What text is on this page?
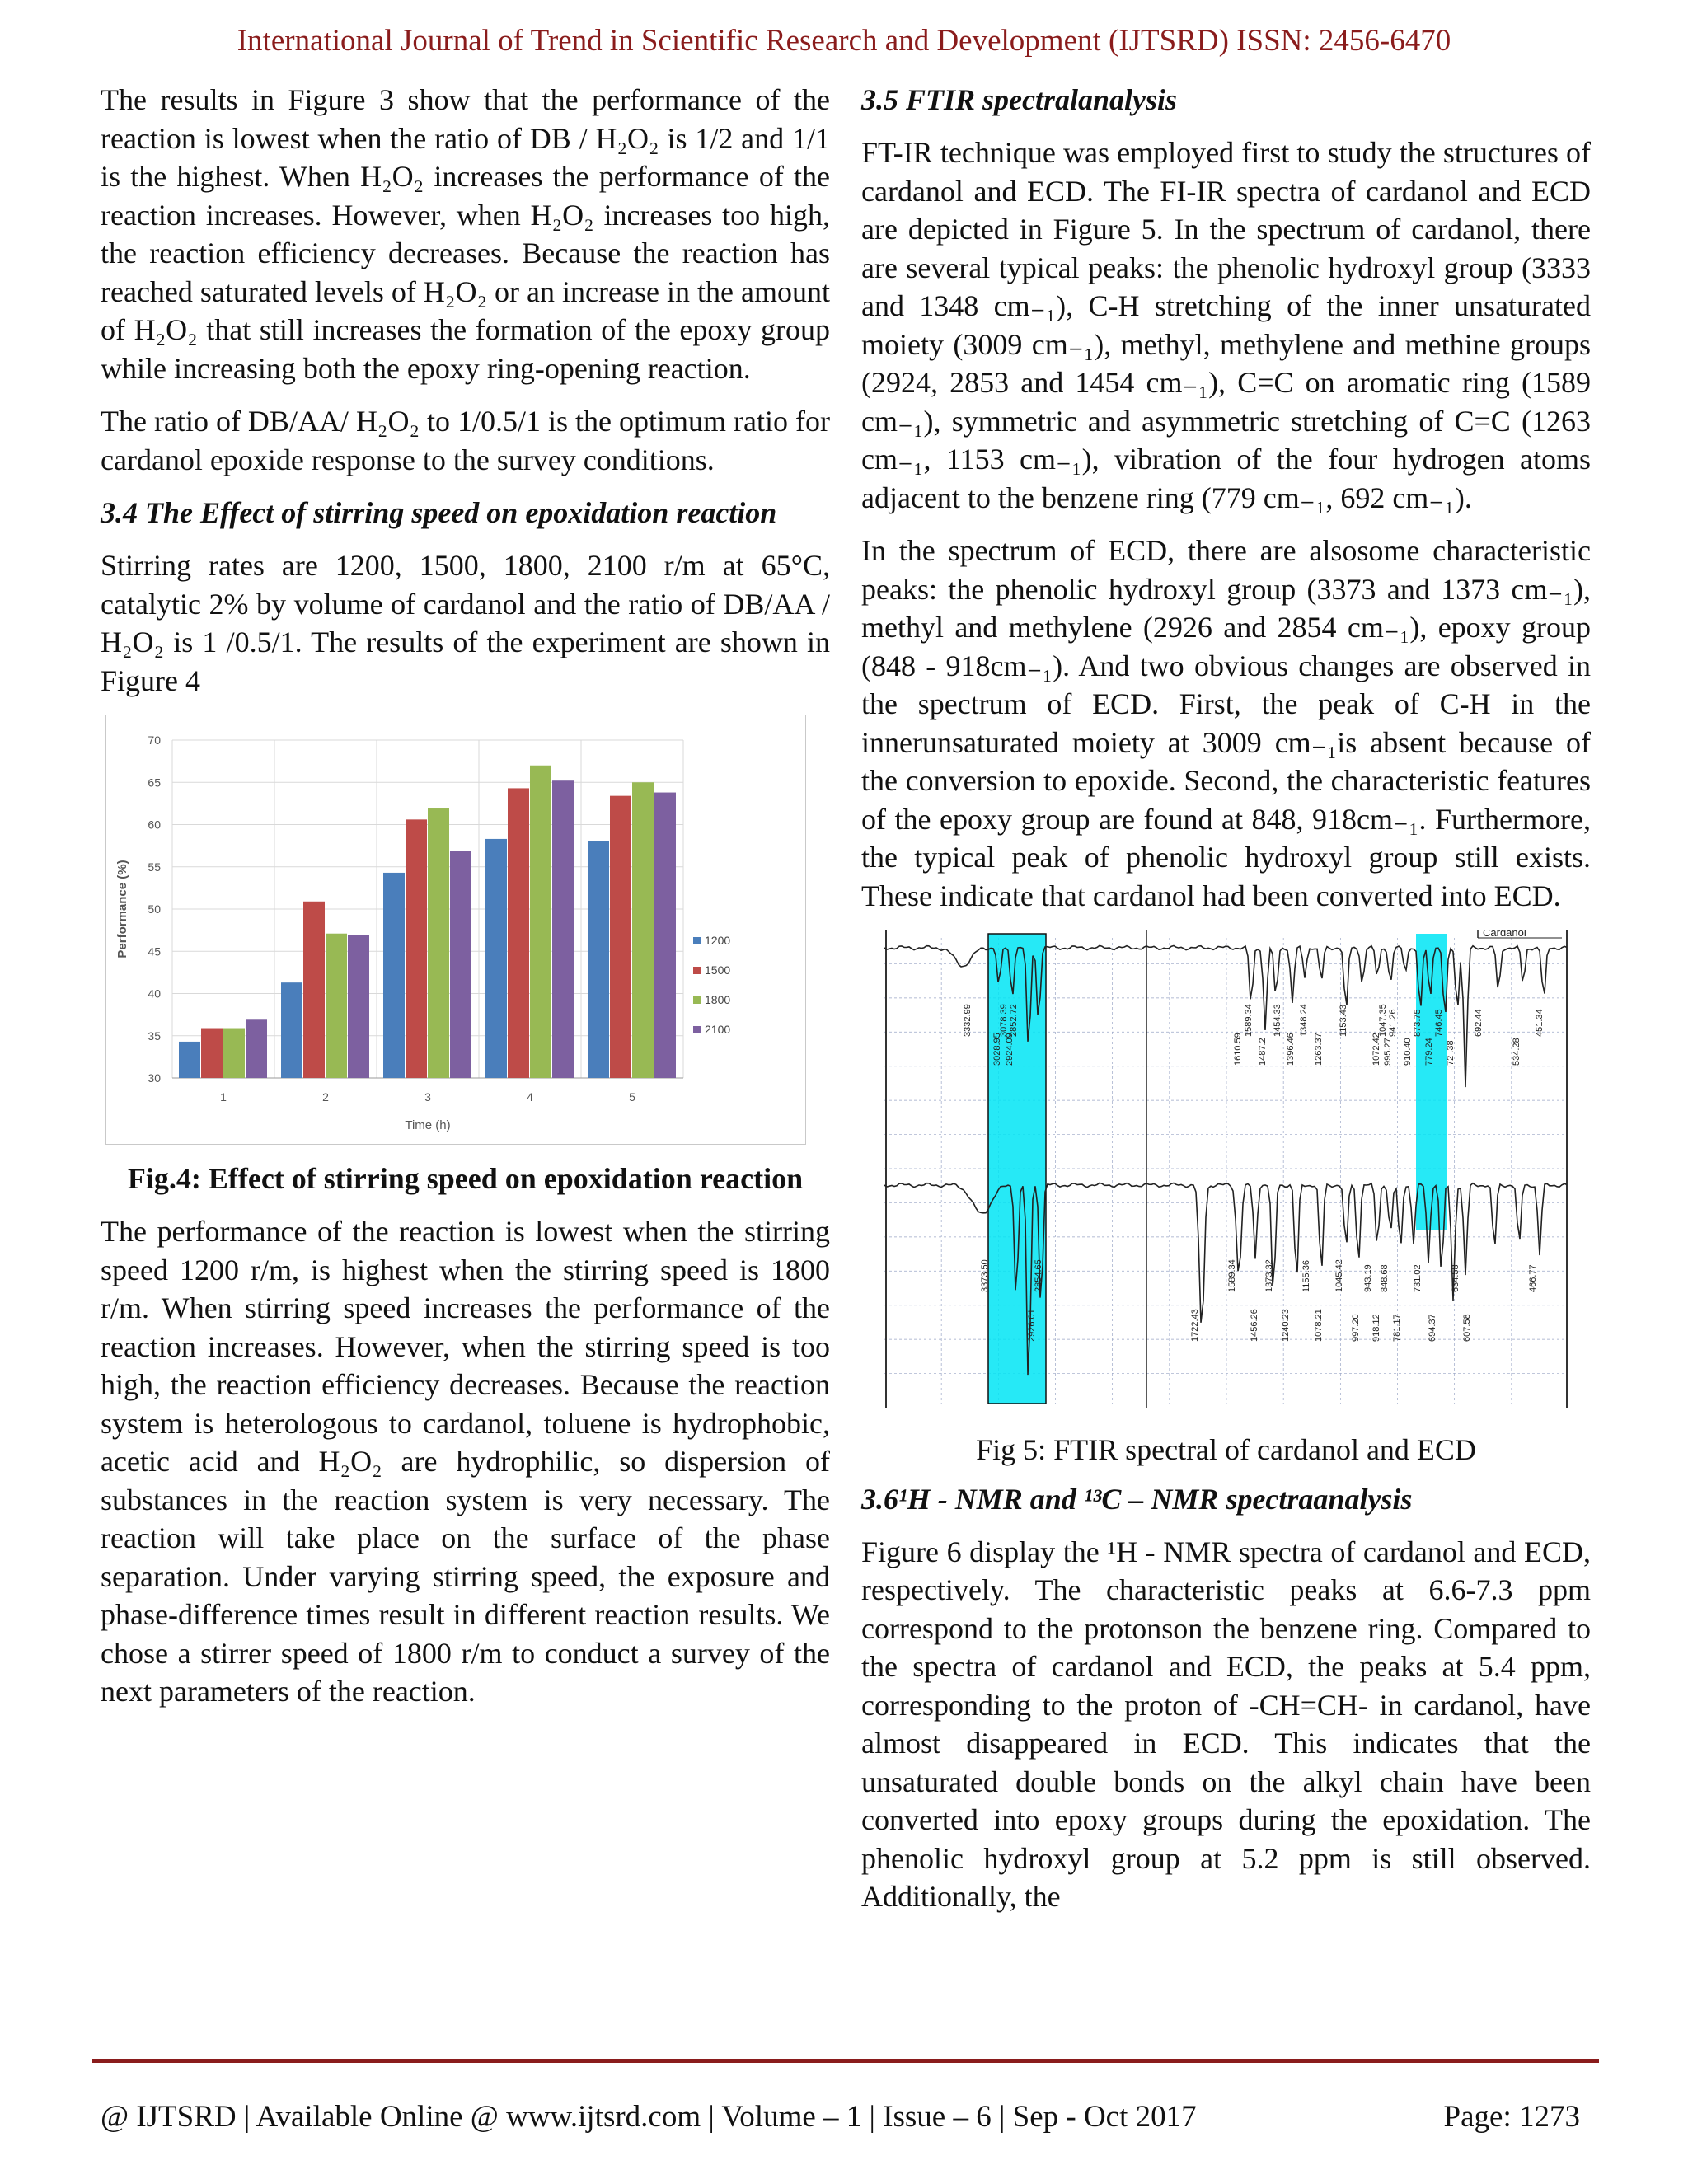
International Journal of Trend in Scientific Research and Development (IJTSRD) ISSN: 2456-6470

The results in Figure 3 show that the performance of the reaction is lowest when the ratio of DB / H₂O₂ is 1/2 and 1/1 is the highest. When H₂O₂ increases the performance of the reaction increases. However, when H₂O₂ increases too high, the reaction efficiency decreases. Because the reaction has reached saturated levels of H₂O₂ or an increase in the amount of H₂O₂ that still increases the formation of the epoxy group while increasing both the epoxy ring-opening reaction.

The ratio of DB/AA/ H₂O₂ to 1/0.5/1 is the optimum ratio for cardanol epoxide response to the survey conditions.

3.4 The Effect of stirring speed on epoxidation reaction

Stirring rates are 1200, 1500, 1800, 2100 r/m at 65°C, catalytic 2% by volume of cardanol and the ratio of DB/AA / H₂O₂ is 1 /0.5/1. The results of the experiment are shown in Figure 4

30
35
40
45
50
55
60
65
70
1	2	3	4	5
Time (h)
Performance (%)	1200
1500
1800
2100
Fig.4: Effect of stirring speed on epoxidation reaction

The performance of the reaction is lowest when the stirring speed 1200 r/m, is highest when the stirring speed is 1800 r/m. When stirring speed increases the performance of the reaction increases. However, when the stirring speed is too high, the reaction efficiency decreases. Because the reaction system is heterologous to cardanol, toluene is hydrophobic, acetic acid and H₂O₂ are hydrophilic, so dispersion of substances in the reaction system is very necessary. The reaction will take place on the surface of the phase separation. Under varying stirring speed, the exposure and phase-difference times result in different reaction results. We chose a stirrer speed of 1800 r/m to conduct a survey of the next parameters of the reaction.

3.5 FTIR spectralanalysis

FT-IR technique was employed first to study the structures of cardanol and ECD. The FI-IR spectra of cardanol and ECD are depicted in Figure 5. In the spectrum of cardanol, there are several typical peaks: the phenolic hydroxyl group (3333 and 1348 cm₋₁), C-H stretching of the inner unsaturated moiety (3009 cm₋₁), methyl, methylene and methine groups (2924, 2853 and 1454 cm₋₁), C=C on aromatic ring (1589 cm₋₁), symmetric and asymmetric stretching of C=C (1263 cm₋₁, 1153 cm₋₁), vibration of the four hydrogen atoms adjacent to the benzene ring (779 cm₋₁, 692 cm₋₁).

In the spectrum of ECD, there are alsosome characteristic peaks: the phenolic hydroxyl group (3373 and 1373 cm₋₁), methyl and methylene (2926 and 2854 cm₋₁), epoxy group (848 - 918cm₋₁). And two obvious changes are observed in the spectrum of ECD. First, the peak of C-H in the innerunsaturated moiety at 3009 cm₋₁is absent because of the conversion to epoxide. Second, the characteristic features of the epoxy group are found at 848, 918cm₋₁. Furthermore, the typical peak of phenolic hydroxyl group still exists. These indicate that cardanol had been converted into ECD.

Cardanol
3332.99
3028.95
3078.39
2924.09
2852.72
1610.59
1589.34
1487.2
1454.33
1396.46
1348.24
1263.37
1153.43
1072.42
1047.35
995.27
941.26
910.40
873.75
779.24
746.45
72 .38
692.44
534.28
451.34
3373.50
2926.01
2854.65
1722.43
1589.34
1456.26
1373.32
1240.23
1155.36
1078.21
1045.42
997.20
943.19
918.12
848.68
781.17
731.02
694.37
634.58
607.58
466.77
Fig 5: FTIR spectral of cardanol and ECD
3.6¹H - NMR and ¹³C – NMR spectraanalysis

Figure 6 display the ¹H - NMR spectra of cardanol and ECD, respectively. The characteristic peaks at 6.6-7.3 ppm correspond to the protonson the benzene ring. Compared to the spectra of cardanol and ECD, the peaks at 5.4 ppm, corresponding to the proton of -CH=CH- in cardanol, have almost disappeared in ECD. This indicates that the unsaturated double bonds on the alkyl chain have been converted into epoxy groups during the epoxidation. The phenolic hydroxyl group at 5.2 ppm is still observed. Additionally, the

@ IJTSRD | Available Online @ www.ijtsrd.com | Volume – 1 | Issue – 6 | Sep - Oct 2017	Page: 1273
